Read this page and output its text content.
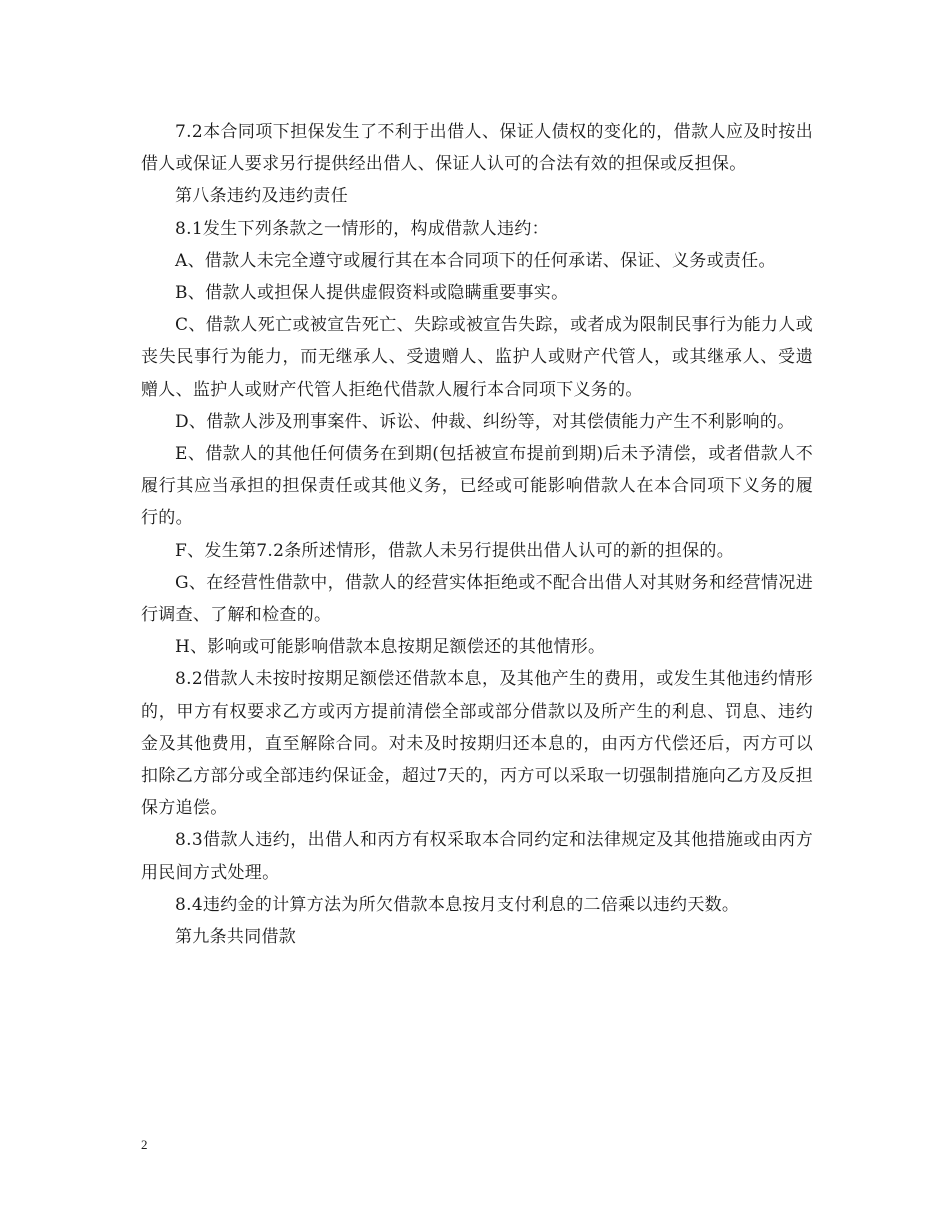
7.2本合同项下担保发生了不利于出借人、保证人债权的变化的，借款人应及时按出借人或保证人要求另行提供经出借人、保证人认可的合法有效的担保或反担保。

第八条违约及违约责任

8.1发生下列条款之一情形的，构成借款人违约：

A、借款人未完全遵守或履行其在本合同项下的任何承诺、保证、义务或责任。

B、借款人或担保人提供虚假资料或隐瞒重要事实。

C、借款人死亡或被宣告死亡、失踪或被宣告失踪，或者成为限制民事行为能力人或丧失民事行为能力，而无继承人、受遗赠人、监护人或财产代管人，或其继承人、受遗赠人、监护人或财产代管人拒绝代借款人履行本合同项下义务的。

D、借款人涉及刑事案件、诉讼、仲裁、纠纷等，对其偿债能力产生不利影响的。

E、借款人的其他任何债务在到期(包括被宣布提前到期)后未予清偿，或者借款人不履行其应当承担的担保责任或其他义务，已经或可能影响借款人在本合同项下义务的履行的。

F、发生第7.2条所述情形，借款人未另行提供出借人认可的新的担保的。

G、在经营性借款中，借款人的经营实体拒绝或不配合出借人对其财务和经营情况进行调查、了解和检查的。

H、影响或可能影响借款本息按期足额偿还的其他情形。

8.2借款人未按时按期足额偿还借款本息，及其他产生的费用，或发生其他违约情形的，甲方有权要求乙方或丙方提前清偿全部或部分借款以及所产生的利息、罚息、违约金及其他费用，直至解除合同。对未及时按期归还本息的，由丙方代偿还后，丙方可以扣除乙方部分或全部违约保证金，超过7天的，丙方可以采取一切强制措施向乙方及反担保方追偿。

8.3借款人违约，出借人和丙方有权采取本合同约定和法律规定及其他措施或由丙方用民间方式处理。

8.4违约金的计算方法为所欠借款本息按月支付利息的二倍乘以违约天数。

第九条共同借款

2
